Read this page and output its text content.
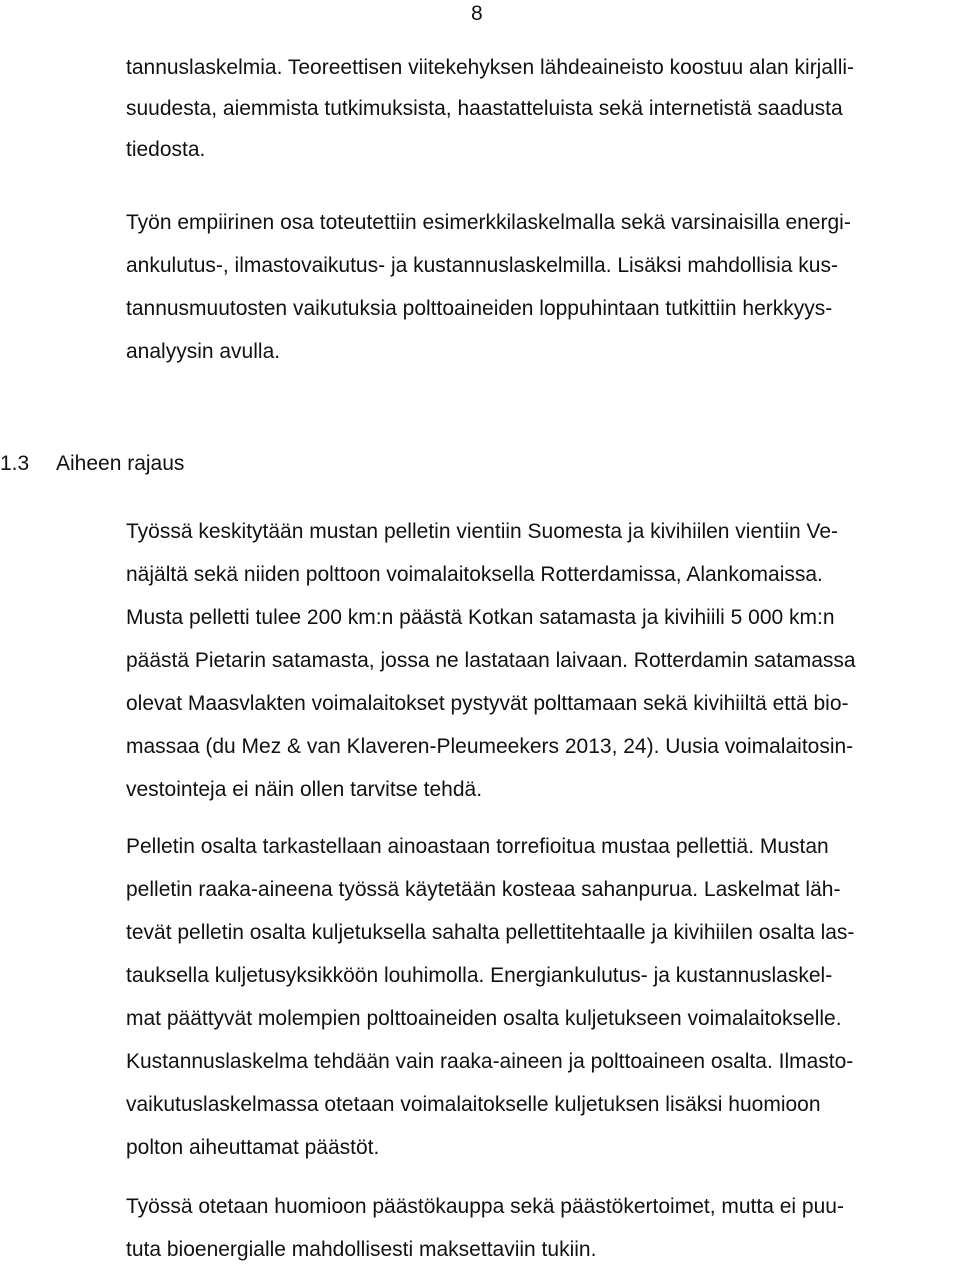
8

tannuslaskelmia. Teoreettisen viitekehyksen lähdeaineisto koostuu alan kirjalli-
suudesta, aiemmista tutkimuksista, haastatteluista sekä internetistä saadusta
tiedosta.

Työn empiirinen osa toteutettiin esimerkkilaskelmalla sekä varsinaisilla energi-
ankulutus-, ilmastovaikutus- ja kustannuslaskelmilla. Lisäksi mahdollisia kus-
tannusmuutosten vaikutuksia polttoaineiden loppuhintaan tutkittiin herkkyys-
analyysin avulla.

1.3 Aiheen rajaus

Työssä keskitytään mustan pelletin vientiin Suomesta ja kivihiilen vientiin Ve-
näjältä sekä niiden polttoon voimalaitoksella Rotterdamissa, Alankomaissa.
Musta pelletti tulee 200 km:n päästä Kotkan satamasta ja kivihiili 5 000 km:n
päästä Pietarin satamasta, jossa ne lastataan laivaan. Rotterdamin satamassa
olevat Maasvlakten voimalaitokset pystyvät polttamaan sekä kivihiiltä että bio-
massaa (du Mez & van Klaveren-Pleumeekers 2013, 24). Uusia voimalaitosin-
vestointeja ei näin ollen tarvitse tehdä.

Pelletin osalta tarkastellaan ainoastaan torrefioitua mustaa pellettiä. Mustan
pelletin raaka-aineena työssä käytetään kosteaa sahanpurua. Laskelmat läh-
tevät pelletin osalta kuljetuksella sahalta pellettitehtaalle ja kivihiilen osalta las-
tauksella kuljetusyksikköön louhimolla. Energiankulutus- ja kustannuslaskel-
mat päättyvät molempien polttoaineiden osalta kuljetukseen voimalaitokselle.
Kustannuslaskelma tehdään vain raaka-aineen ja polttoaineen osalta. Ilmasto-
vaikutuslaskelmassa otetaan voimalaitokselle kuljetuksen lisäksi huomioon
polton aiheuttamat päästöt.

Työssä otetaan huomioon päästökauppa sekä päästökertoimet, mutta ei puu-
tuta bioenergialle mahdollisesti maksettaviin tukiin.
